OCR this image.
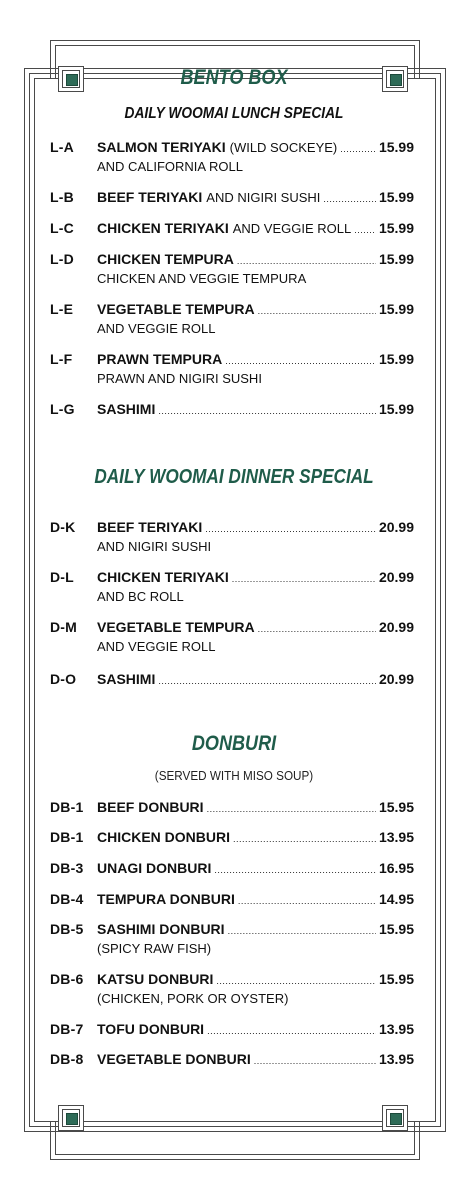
BENTO BOX
DAILY WOOMAI LUNCH SPECIAL
L-A	SALMON TERIYAKI (WILD SOCKEYE) . . .	15.99
AND CALIFORNIA ROLL
L-B	BEEF TERIYAKI AND NIGIRI SUSHI . . .	15.99
L-C	CHICKEN TERIYAKI AND VEGGIE ROLL . . . 15.99
L-D	CHICKEN TEMPURA . . .	15.99
CHICKEN AND VEGGIE TEMPURA
L-E	VEGETABLE TEMPURA . . .	15.99
AND VEGGIE ROLL
L-F	PRAWN TEMPURA . . .	15.99
PRAWN AND NIGIRI SUSHI
L-G	SASHIMI . . .	15.99
DAILY WOOMAI DINNER SPECIAL
D-K	BEEF TERIYAKI . . .	20.99
AND NIGIRI SUSHI
D-L	CHICKEN TERIYAKI . . .	20.99
AND BC ROLL
D-M	VEGETABLE TEMPURA . . .	20.99
AND VEGGIE ROLL
D-O	SASHIMI . . .	20.99
DONBURI
(SERVED WITH MISO SOUP)
DB-1 BEEF DONBURI . . .	15.95
DB-1 CHICKEN DONBURI . . .	13.95
DB-3 UNAGI DONBURI . . .	16.95
DB-4 TEMPURA DONBURI . . .	14.95
DB-5 SASHIMI DONBURI . . .	15.95
(SPICY RAW FISH)
DB-6 KATSU DONBURI . . .	15.95
(CHICKEN, PORK OR OYSTER)
DB-7 TOFU DONBURI . . .	13.95
DB-8 VEGETABLE DONBURI . . .	13.95
